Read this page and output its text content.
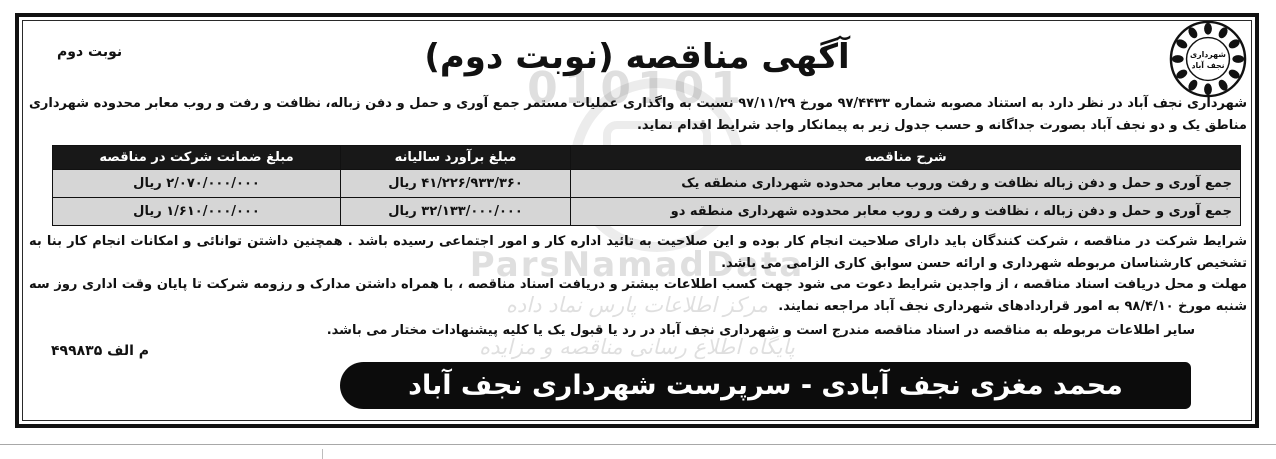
010101
ParsNamadData
مرکز اطلاعات پارس نماد داده
پایگاه اطلاع رسانی مناقصه و مزایده
شهرداری
نجف آباد
نوبت دوم	آگهی مناقصه (نوبت دوم)
شهرداری نجف آباد در نظر دارد به استناد مصوبه شماره ۹۷/۴۴۳۳ مورخ ۹۷/۱۱/۲۹ نسبت به واگذاری عملیات مستمر جمع آوری و حمل و دفن زباله، نظافت و رفت و روب معابر محدوده شهرداری مناطق یک و دو نجف آباد بصورت جداگانه و حسب جدول زیر به پیمانکار واجد شرایط اقدام نماید.
شرح مناقصه	مبلغ برآورد سالیانه	مبلغ ضمانت شرکت در مناقصه
جمع آوری و حمل و دفن زباله نظافت و رفت وروب معابر محدوده شهرداری منطقه یک	۴۱/۲۲۶/۹۳۳/۳۶۰ ریال	۲/۰۷۰/۰۰۰/۰۰۰ ریال
جمع آوری و حمل و دفن زباله ، نظافت و رفت و روب معابر محدوده شهرداری منطقه دو	۳۲/۱۳۳/۰۰۰/۰۰۰ ریال	۱/۶۱۰/۰۰۰/۰۰۰ ریال
شرایط شرکت در مناقصه ، شرکت کنندگان باید دارای صلاحیت انجام کار بوده و این صلاحیت به تائید اداره کار و امور اجتماعی رسیده باشد . همچنین داشتن توانائی و امکانات انجام کار بنا به تشخیص کارشناسان مربوطه شهرداری و ارائه حسن سوابق کاری الزامی می باشد.
مهلت و محل دریافت اسناد مناقصه ، از واجدین شرایط دعوت می شود جهت کسب اطلاعات بیشتر و دریافت اسناد مناقصه ، با همراه داشتن مدارک و رزومه شرکت تا پایان وقت اداری روز سه شنبه مورخ ۹۸/۴/۱۰ به امور قراردادهای شهرداری نجف آباد مراجعه نمایند.
سایر اطلاعات مربوطه به مناقصه در اسناد مناقصه مندرج است و شهرداری نجف آباد در رد یا قبول یک یا کلیه پیشنهادات مختار می باشد.
م الف ۴۹۹۸۳۵
محمد مغزی نجف آبادی - سرپرست شهرداری نجف آباد
